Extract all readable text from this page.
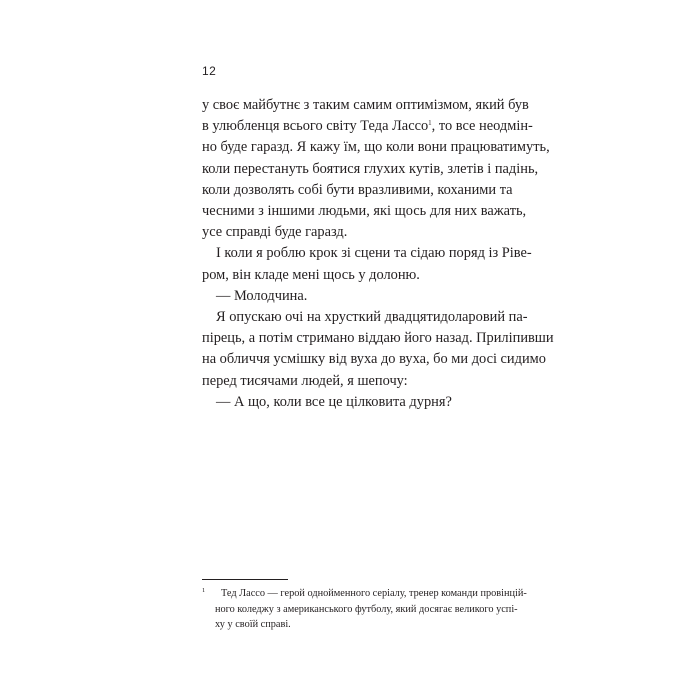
12
у своє майбутнє з таким самим оптимізмом, який був
в улюбленця всього світу Теда Лассо$^1$, то все неодмін-
но буде гаразд. Я кажу їм, що коли вони працюватимуть,
коли перестануть боятися глухих кутів, злетів і падінь,
коли дозволять собі бути вразливими, коханими та
чесними з іншими людьми, які щось для них важать,
усе справді буде гаразд.
І коли я роблю крок зі сцени та сідаю поряд із Ріве-
ром, він кладе мені щось у долоню.
— Молодчина.
Я опускаю очі на хрусткий двадцятидоларовий па-
пірець, а потім стримано віддаю його назад. Приліпивши
на обличчя усмішку від вуха до вуха, бо ми досі сидимо
перед тисячами людей, я шепочу:
— А що, коли все це цілковита дурня?
1	Тед Лассо — герой однойменного серіалу, тренер команди провінцій-
ного коледжу з американського футболу, який досягає великого успі-
ху у своїй справі.
